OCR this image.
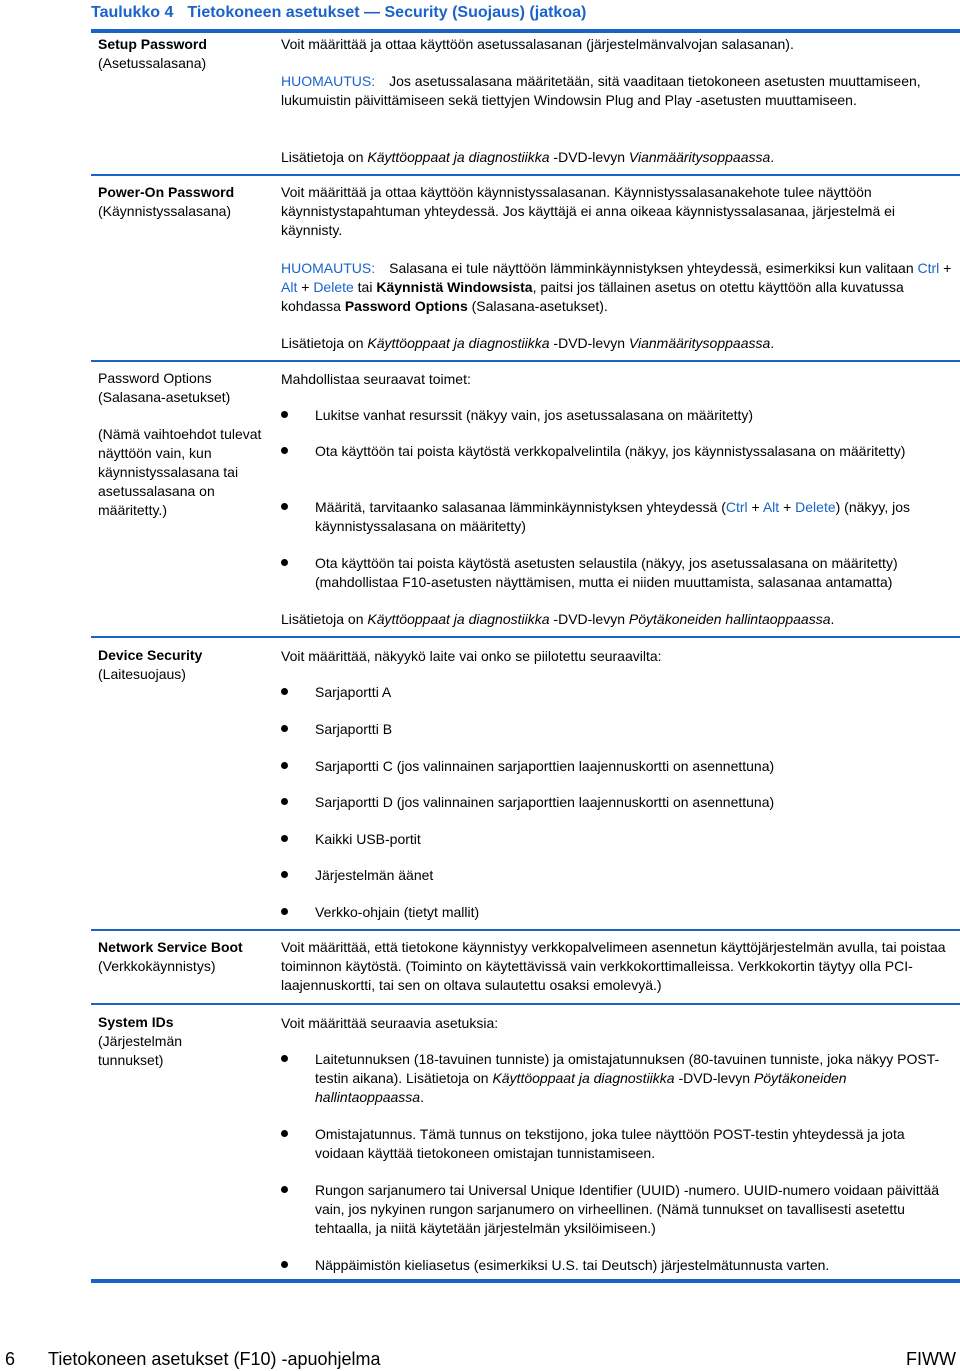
Taulukko 4 Tietokoneen asetukset — Security (Suojaus) (jatkoa)
Setup Password
(Asetussalasana)
Voit määrittää ja ottaa käyttöön asetussalasanan (järjestelmänvalvojan salasanan).
HUOMAUTUS: Jos asetussalasana määritetään, sitä vaaditaan tietokoneen asetusten muuttamiseen, lukumuistin päivittämiseen sekä tiettyjen Windowsin Plug and Play -asetusten muuttamiseen.
Lisätietoja on Käyttöoppaat ja diagnostiikka -DVD-levyn Vianmääritysoppaassa.
Power-On Password
(Käynnistyssalasana)
Voit määrittää ja ottaa käyttöön käynnistyssalasanan. Käynnistyssalasanakehote tulee näyttöön käynnistystapahtuman yhteydessä. Jos käyttäjä ei anna oikeaa käynnistyssalasanaa, järjestelmä ei käynnisty.
HUOMAUTUS: Salasana ei tule näyttöön lämminkäynnistyksen yhteydessä, esimerkiksi kun valitaan Ctrl + Alt + Delete tai Käynnistä Windowsista, paitsi jos tällainen asetus on otettu käyttöön alla kuvatussa kohdassa Password Options (Salasana-asetukset).
Lisätietoja on Käyttöoppaat ja diagnostiikka -DVD-levyn Vianmääritysoppaassa.
Password Options
(Salasana-asetukset)
(Nämä vaihtoehdot tulevat näyttöön vain, kun käynnistyssalasana tai asetussalasana on määritetty.)
Mahdollistaa seuraavat toimet:
Lukitse vanhat resurssit (näkyy vain, jos asetussalasana on määritetty)
Ota käyttöön tai poista käytöstä verkkopalvelintila (näkyy, jos käynnistyssalasana on määritetty)
Määritä, tarvitaanko salasanaa lämminkäynnistyksen yhteydessä (Ctrl + Alt + Delete) (näkyy, jos käynnistyssalasana on määritetty)
Ota käyttöön tai poista käytöstä asetusten selaustila (näkyy, jos asetussalasana on määritetty) (mahdollistaa F10-asetusten näyttämisen, mutta ei niiden muuttamista, salasanaa antamatta)
Lisätietoja on Käyttöoppaat ja diagnostiikka -DVD-levyn Pöytäkoneiden hallintaoppaassa.
Device Security
(Laitesuojaus)
Voit määrittää, näkyykö laite vai onko se piilotettu seuraavilta:
Sarjaportti A
Sarjaportti B
Sarjaportti C (jos valinnainen sarjaporttien laajennuskortti on asennettuna)
Sarjaportti D (jos valinnainen sarjaporttien laajennuskortti on asennettuna)
Kaikki USB-portit
Järjestelmän äänet
Verkko-ohjain (tietyt mallit)
Network Service Boot
(Verkkokäynnistys)
Voit määrittää, että tietokone käynnistyy verkkopalvelimeen asennetun käyttöjärjestelmän avulla, tai poistaa toiminnon käytöstä. (Toiminto on käytettävissä vain verkkokorttimalleissa. Verkkokortin täytyy olla PCI-laajennuskortti, tai sen on oltava sulautettu osaksi emolevyä.)
System IDs
(Järjestelmän tunnukset)
Voit määrittää seuraavia asetuksia:
Laitetunnuksen (18-tavuinen tunniste) ja omistajatunnuksen (80-tavuinen tunniste, joka näkyy POST-testin aikana). Lisätietoja on Käyttöoppaat ja diagnostiikka -DVD-levyn Pöytäkoneiden hallintaoppaassa.
Omistajatunnus. Tämä tunnus on tekstijono, joka tulee näyttöön POST-testin yhteydessä ja jota voidaan käyttää tietokoneen omistajan tunnistamiseen.
Rungon sarjanumero tai Universal Unique Identifier (UUID) -numero. UUID-numero voidaan päivittää vain, jos nykyinen rungon sarjanumero on virheellinen. (Nämä tunnukset on tavallisesti asetettu tehtaalla, ja niitä käytetään järjestelmän yksilöimiseen.)
Näppäimistön kieliasetus (esimerkiksi U.S. tai Deutsch) järjestelmätunnusta varten.
6 Tietokoneen asetukset (F10) -apuohjelma	FIWW
